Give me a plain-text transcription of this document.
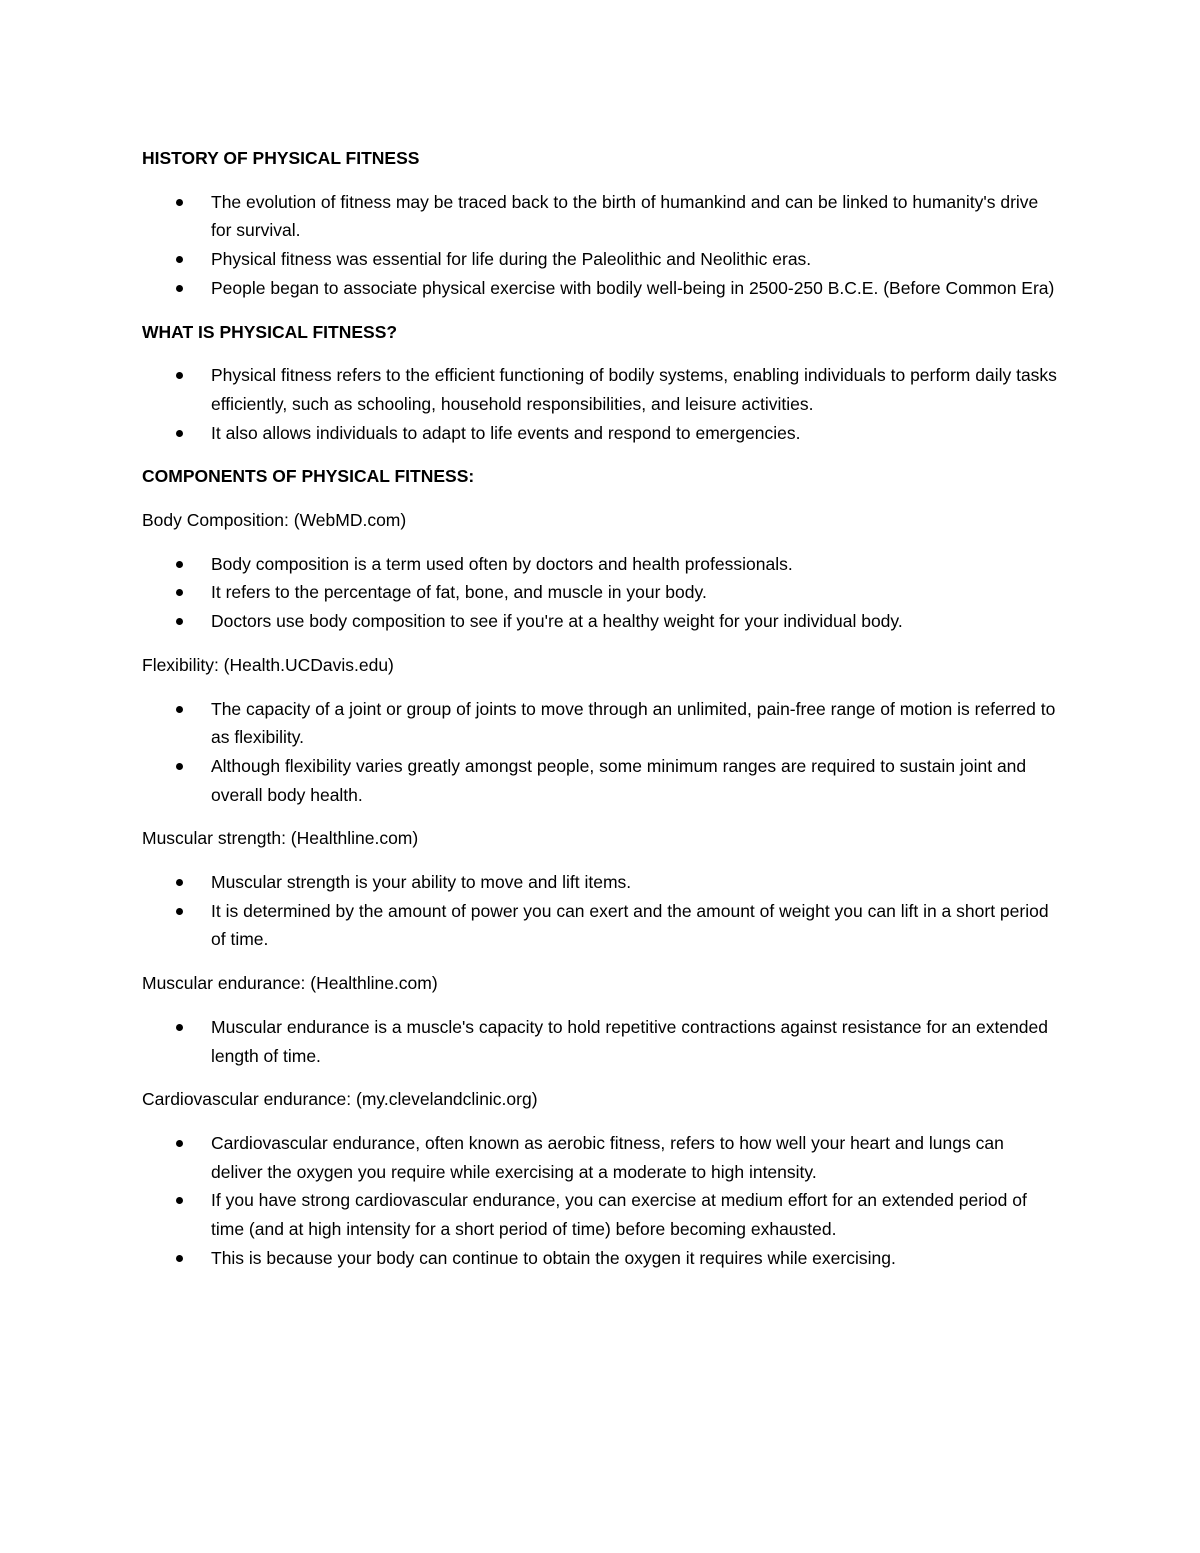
HISTORY OF PHYSICAL FITNESS
The evolution of fitness may be traced back to the birth of humankind and can be linked to humanity's drive for survival.
Physical fitness was essential for life during the Paleolithic and Neolithic eras.
People began to associate physical exercise with bodily well-being in 2500-250 B.C.E. (Before Common Era)
WHAT IS PHYSICAL FITNESS?
Physical fitness refers to the efficient functioning of bodily systems, enabling individuals to perform daily tasks efficiently, such as schooling, household responsibilities, and leisure activities.
It also allows individuals to adapt to life events and respond to emergencies.
COMPONENTS OF PHYSICAL FITNESS:
Body Composition: (WebMD.com)
Body composition is a term used often by doctors and health professionals.
It refers to the percentage of fat, bone, and muscle in your body.
Doctors use body composition to see if you're at a healthy weight for your individual body.
Flexibility: (Health.UCDavis.edu)
The capacity of a joint or group of joints to move through an unlimited, pain-free range of motion is referred to as flexibility.
Although flexibility varies greatly amongst people, some minimum ranges are required to sustain joint and overall body health.
Muscular strength: (Healthline.com)
Muscular strength is your ability to move and lift items.
It is determined by the amount of power you can exert and the amount of weight you can lift in a short period of time.
Muscular endurance: (Healthline.com)
Muscular endurance is a muscle's capacity to hold repetitive contractions against resistance for an extended length of time.
Cardiovascular endurance: (my.clevelandclinic.org)
Cardiovascular endurance, often known as aerobic fitness, refers to how well your heart and lungs can deliver the oxygen you require while exercising at a moderate to high intensity.
If you have strong cardiovascular endurance, you can exercise at medium effort for an extended period of time (and at high intensity for a short period of time) before becoming exhausted.
This is because your body can continue to obtain the oxygen it requires while exercising.
